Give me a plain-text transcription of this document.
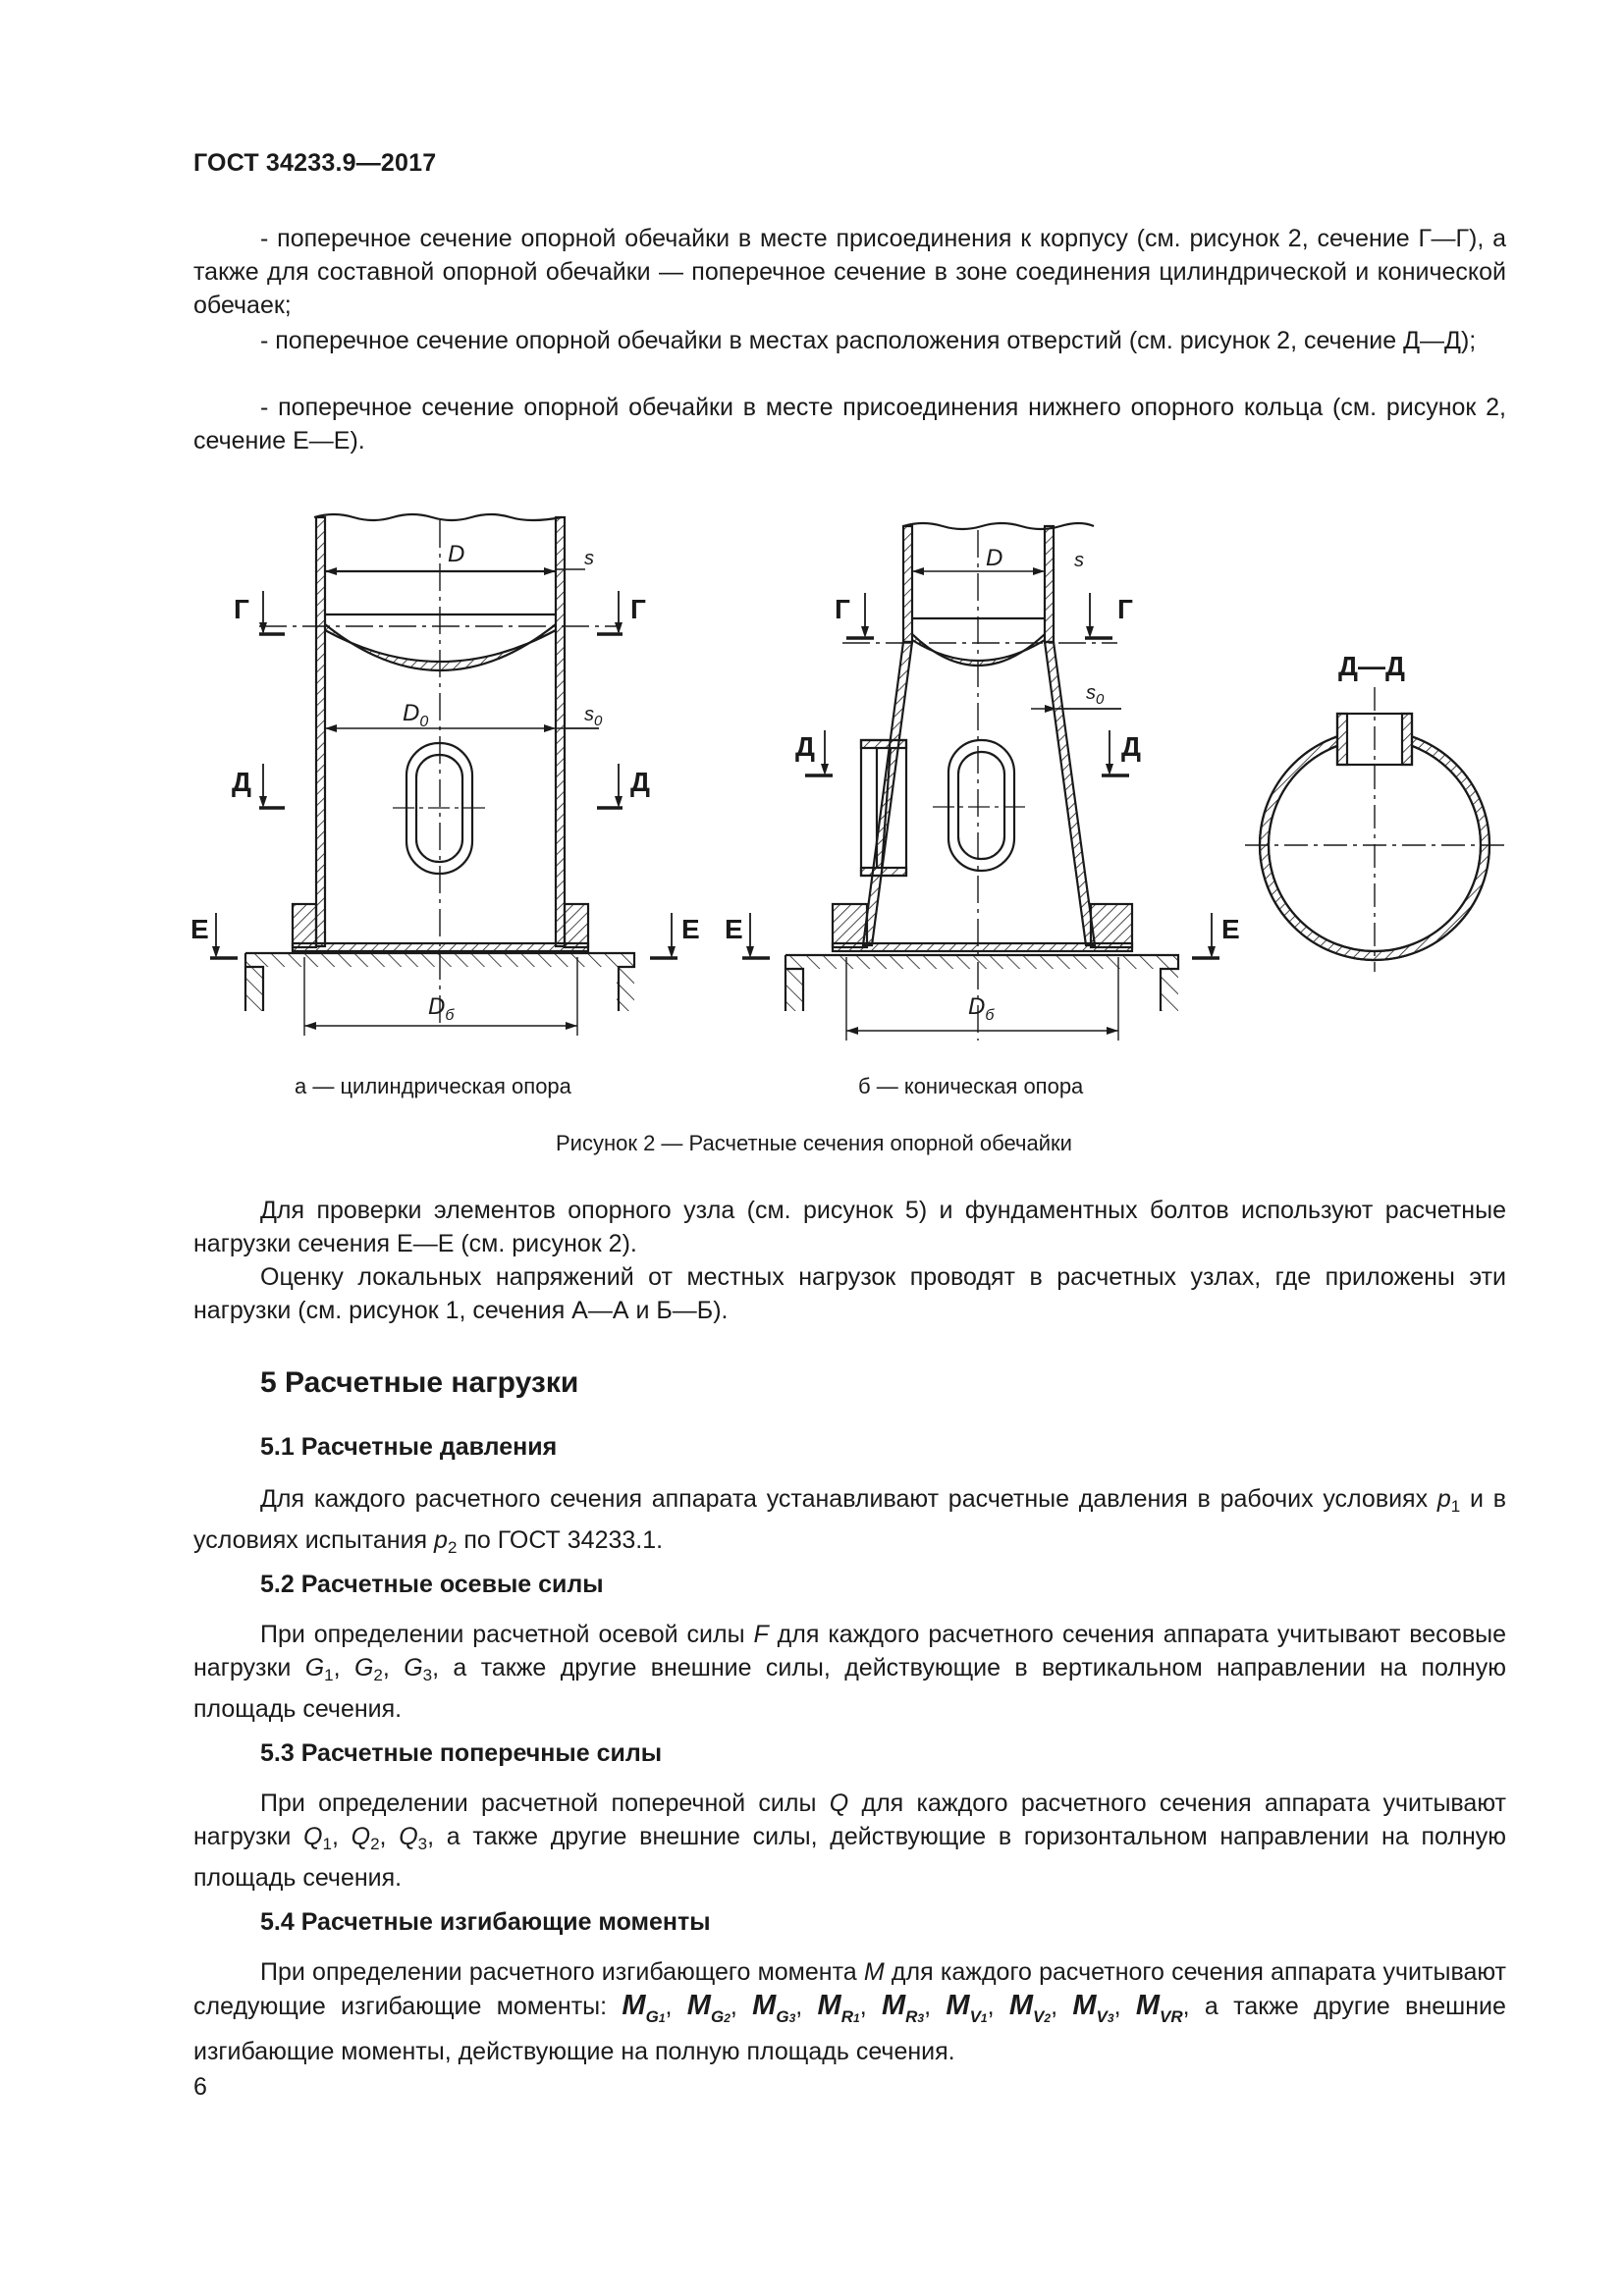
ГОСТ 34233.9—2017

- поперечное сечение опорной обечайки в месте присоединения к корпусу (см. рисунок 2, сечение Г—Г), а также для составной опорной обечайки — поперечное сечение в зоне соединения цилиндрической и конической обечаек;

- поперечное сечение опорной обечайки в местах расположения отверстий (см. рисунок 2, сечение Д—Д);

- поперечное сечение опорной обечайки в месте присоединения нижнего опорного кольца (см. рисунок 2, сечение Е—Е).

D	s
$D_0$	$s_0$
$D_б$
Г	Г
Д	Д
Е	Е
D	s
$s_0$
$D_б$
Г	Г
Д	Д
Е	Е
Д—Д
а — цилиндрическая опора	б — коническая опора
Рисунок 2 — Расчетные сечения опорной обечайки

Для проверки элементов опорного узла (см. рисунок 5) и фундаментных болтов используют расчетные нагрузки сечения Е—Е (см. рисунок 2).

Оценку локальных напряжений от местных нагрузок проводят в расчетных узлах, где приложены эти нагрузки (см. рисунок 1, сечения А—А и Б—Б).

5 Расчетные нагрузки
5.1 Расчетные давления

Для каждого расчетного сечения аппарата устанавливают расчетные давления в рабочих условиях $p_1$ и в условиях испытания $p_2$ по ГОСТ 34233.1.

5.2 Расчетные осевые силы

При определении расчетной осевой силы F для каждого расчетного сечения аппарата учитывают весовые нагрузки $G_1$, $G_2$, $G_3$, а также другие внешние силы, действующие в вертикальном направлении на полную площадь сечения.

5.3 Расчетные поперечные силы

При определении расчетной поперечной силы Q для каждого расчетного сечения аппарата учитывают нагрузки $Q_1$, $Q_2$, $Q_3$, а также другие внешние силы, действующие в горизонтальном направлении на полную площадь сечения.

5.4 Расчетные изгибающие моменты

При определении расчетного изгибающего момента M для каждого расчетного сечения аппарата учитывают следующие изгибающие моменты: $M_{G1}$, $M_{G2}$, $M_{G3}$, $M_{R1}$, $M_{R3}$, $M_{V1}$, $M_{V2}$, $M_{V3}$, $M_{VR}$, а также другие внешние изгибающие моменты, действующие на полную площадь сечения.

6
